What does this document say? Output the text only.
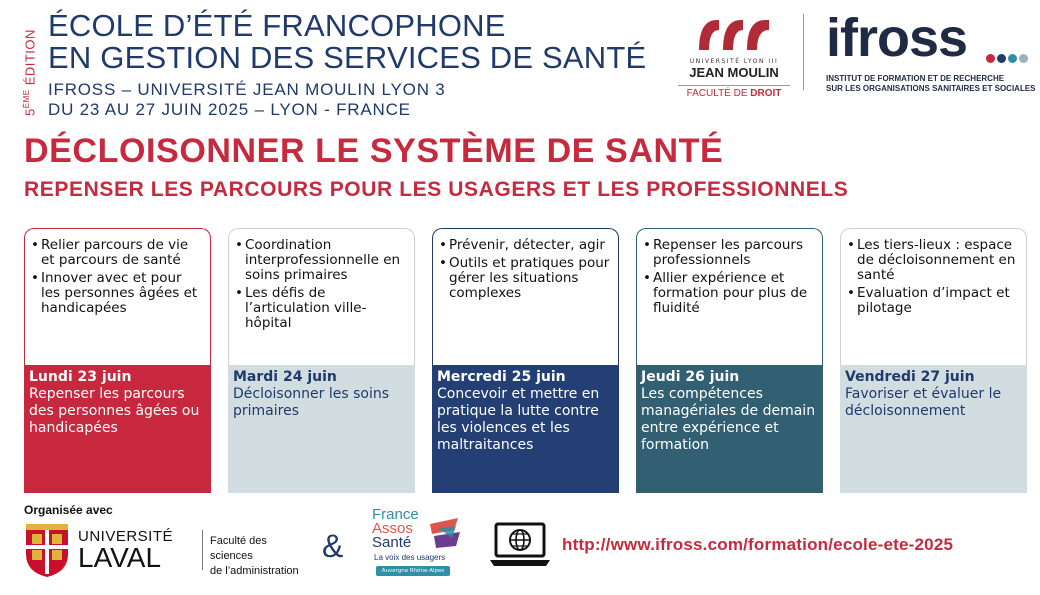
5ÈME ÉDITION
ÉCOLE D’ÉTÉ FRANCOPHONE
EN GESTION DES SERVICES DE SANTÉ
IFROSS – UNIVERSITÉ JEAN MOULIN LYON 3
DU 23 AU 27 JUIN 2025 – LYON - FRANCE
UNIVERSITÉ LYON III
JEAN MOULIN
FACULTÉ DE DROIT
ifross
INSTITUT DE FORMATION ET DE RECHERCHE
SUR LES ORGANISATIONS SANITAIRES ET SOCIALES
DÉCLOISONNER LE SYSTÈME DE SANTÉ
REPENSER LES PARCOURS POUR LES USAGERS ET LES PROFESSIONNELS
• Relier parcours de vie et parcours de santé
• Innover avec et pour les personnes âgées et handicapées
Lundi 23 juin
Repenser les parcours des personnes âgées ou handicapées
• Coordination interprofessionnelle en soins primaires
• Les défis de l’articulation ville-hôpital
Mardi 24 juin
Décloisonner les soins primaires
• Prévenir, détecter, agir
• Outils et pratiques pour gérer les situations complexes
Mercredi 25 juin
Concevoir et mettre en pratique la lutte contre les violences et les maltraitances
• Repenser les parcours professionnels
• Allier expérience et formation pour plus de fluidité
Jeudi 26 juin
Les compétences managériales de demain entre expérience et formation
• Les tiers-lieux : espace de décloisonnement en santé
• Evaluation d’impact et pilotage
Vendredi 27 juin
Favoriser et évaluer le décloisonnement
Organisée avec
UNIVERSITÉ
LAVAL
Faculté des sciences
de l’administration
&
France
Assos
Santé
La voix des usagers
Auvergne Rhône-Alpes
http://www.ifross.com/formation/ecole-ete-2025
